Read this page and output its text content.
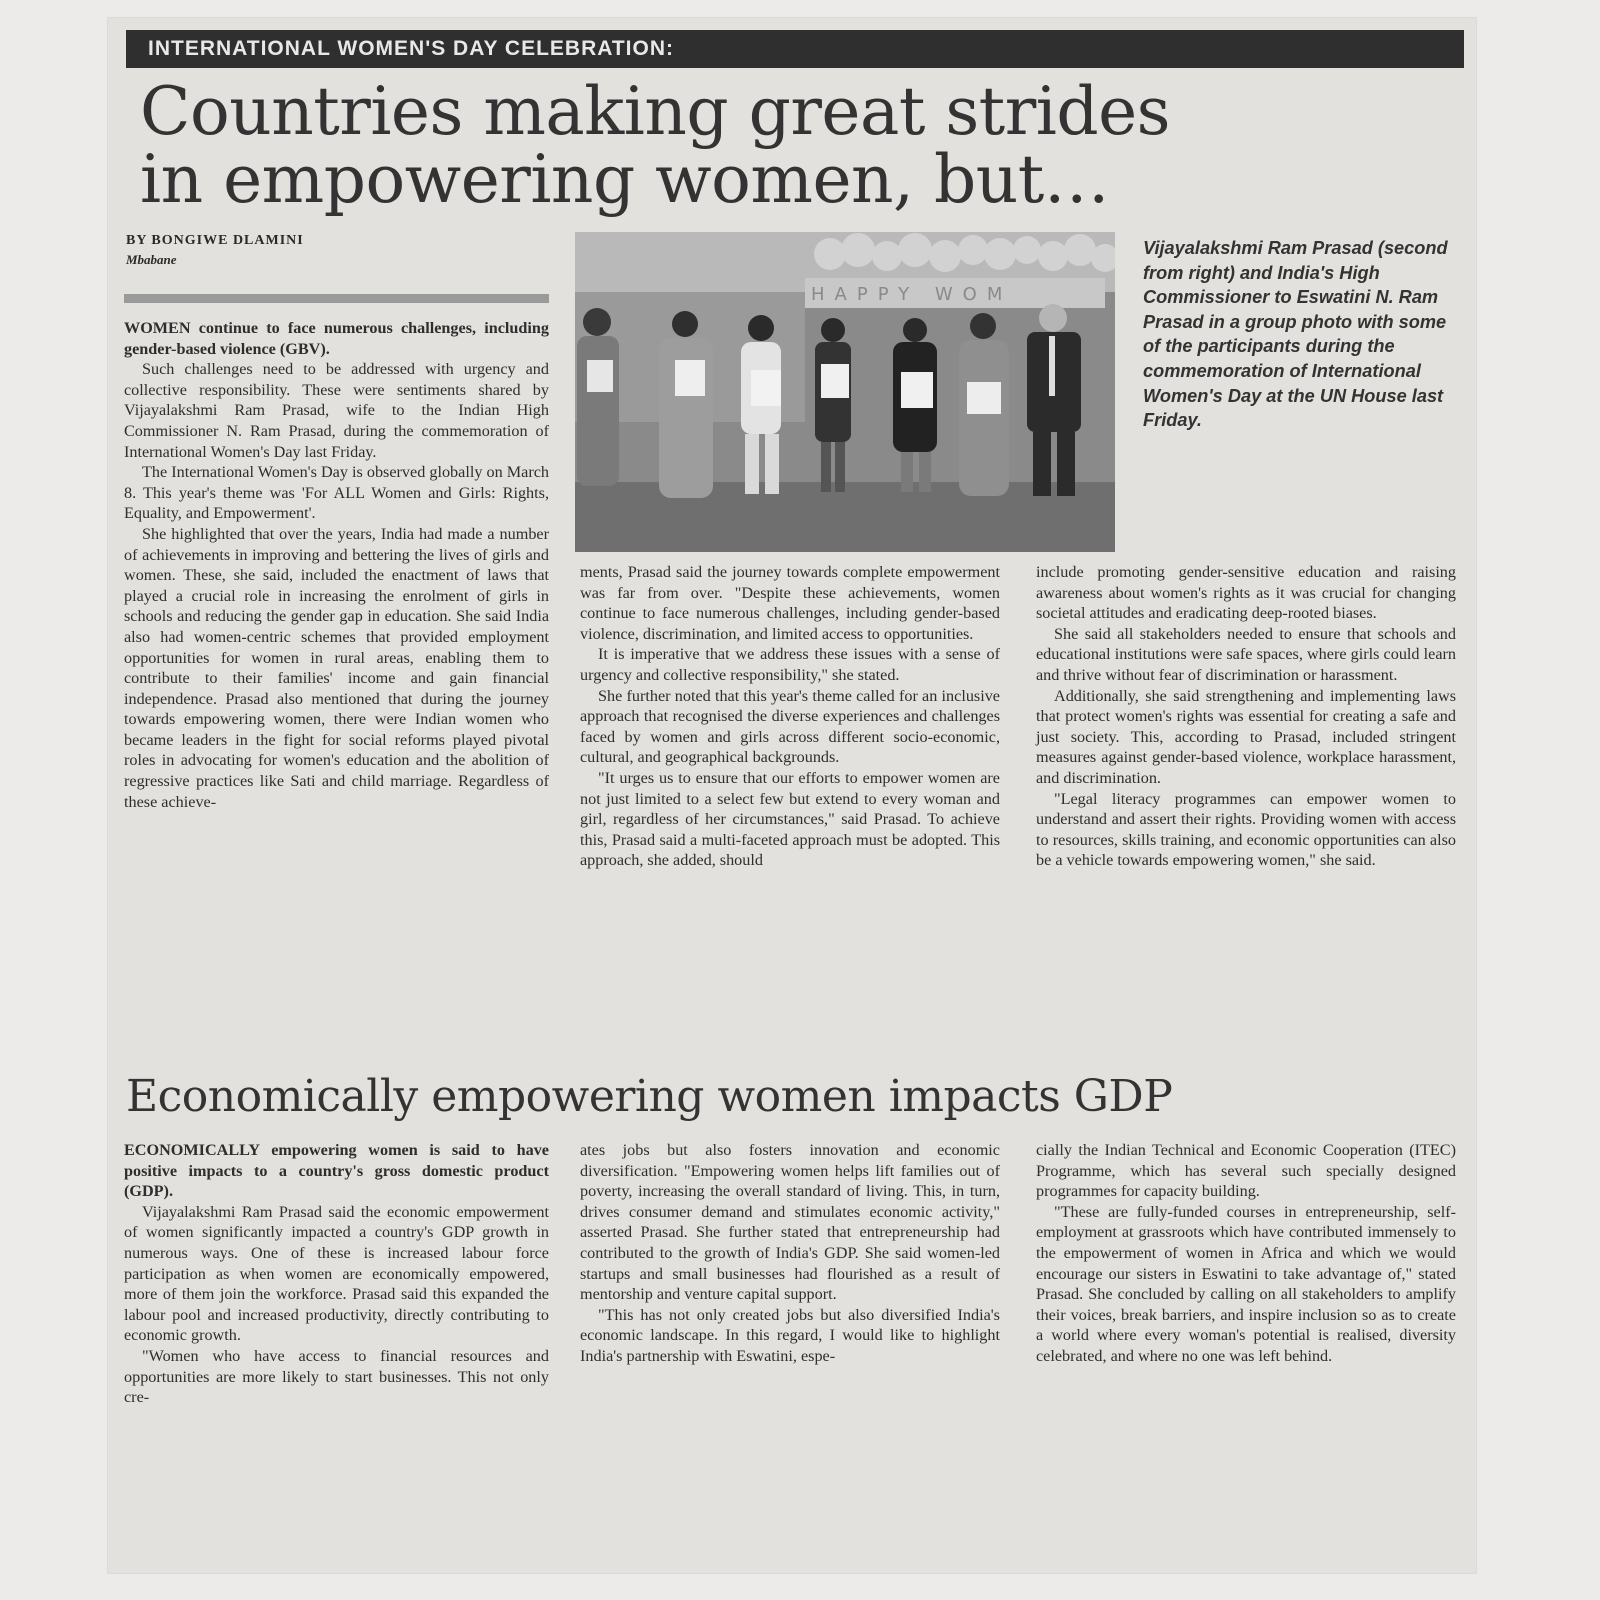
INTERNATIONAL WOMEN'S DAY CELEBRATION:
Countries making great strides
in empowering women, but…
BY BONGIWE DLAMINI
Mbabane

WOMEN continue to face numerous challenges, including gender-based violence (GBV).

Such challenges need to be addressed with urgency and collective responsibility. These were sentiments shared by Vijayalakshmi Ram Prasad, wife to the Indian High Commissioner N. Ram Prasad, during the commemoration of International Women's Day last Friday.

The International Women's Day is observed globally on March 8. This year's theme was 'For ALL Women and Girls: Rights, Equality, and Empowerment'.

She highlighted that over the years, India had made a number of achievements in improving and bettering the lives of girls and women. These, she said, included the enactment of laws that played a crucial role in increasing the enrolment of girls in schools and reducing the gender gap in education. She said India also had women-centric schemes that provided employment opportunities for women in rural areas, enabling them to contribute to their families' income and gain financial independence. Prasad also mentioned that during the journey towards empowering women, there were Indian women who became leaders in the fight for social reforms played pivotal roles in advocating for women's education and the abolition of regressive practices like Sati and child marriage. Regardless of these achieve-

HAPPY WOM
Vijayalakshmi Ram Prasad (second from right) and India's High Commissioner to Eswatini N. Ram Prasad in a group photo with some of the participants during the commemoration of International Women's Day at the UN House last Friday.

ments, Prasad said the journey towards complete empowerment was far from over. "Despite these achievements, women continue to face numerous challenges, including gender-based violence, discrimination, and limited access to opportunities.

It is imperative that we address these issues with a sense of urgency and collective responsibility," she stated.

She further noted that this year's theme called for an inclusive approach that recognised the diverse experiences and challenges faced by women and girls across different socio-economic, cultural, and geographical backgrounds.

"It urges us to ensure that our efforts to empower women are not just limited to a select few but extend to every woman and girl, regardless of her circumstances," said Prasad. To achieve this, Prasad said a multi-faceted approach must be adopted. This approach, she added, should

include promoting gender-sensitive education and raising awareness about women's rights as it was crucial for changing societal attitudes and eradicating deep-rooted biases.

She said all stakeholders needed to ensure that schools and educational institutions were safe spaces, where girls could learn and thrive without fear of discrimination or harassment.

Additionally, she said strengthening and implementing laws that protect women's rights was essential for creating a safe and just society. This, according to Prasad, included stringent measures against gender-based violence, workplace harassment, and discrimination.

"Legal literacy programmes can empower women to understand and assert their rights. Providing women with access to resources, skills training, and economic opportunities can also be a vehicle towards empowering women," she said.

Economically empowering women impacts GDP

ECONOMICALLY empowering women is said to have positive impacts to a country's gross domestic product (GDP).

Vijayalakshmi Ram Prasad said the economic empowerment of women significantly impacted a country's GDP growth in numerous ways. One of these is increased labour force participation as when women are economically empowered, more of them join the workforce. Prasad said this expanded the labour pool and increased productivity, directly contributing to economic growth.

"Women who have access to financial resources and opportunities are more likely to start businesses. This not only cre-

ates jobs but also fosters innovation and economic diversification. "Empowering women helps lift families out of poverty, increasing the overall standard of living. This, in turn, drives consumer demand and stimulates economic activity," asserted Prasad. She further stated that entrepreneurship had contributed to the growth of India's GDP. She said women-led startups and small businesses had flourished as a result of mentorship and venture capital support.

"This has not only created jobs but also diversified India's economic landscape. In this regard, I would like to highlight India's partnership with Eswatini, espe-

cially the Indian Technical and Economic Cooperation (ITEC) Programme, which has several such specially designed programmes for capacity building.

"These are fully-funded courses in entrepreneurship, self-employment at grassroots which have contributed immensely to the empowerment of women in Africa and which we would encourage our sisters in Eswatini to take advantage of," stated Prasad. She concluded by calling on all stakeholders to amplify their voices, break barriers, and inspire inclusion so as to create a world where every woman's potential is realised, diversity celebrated, and where no one was left behind.
